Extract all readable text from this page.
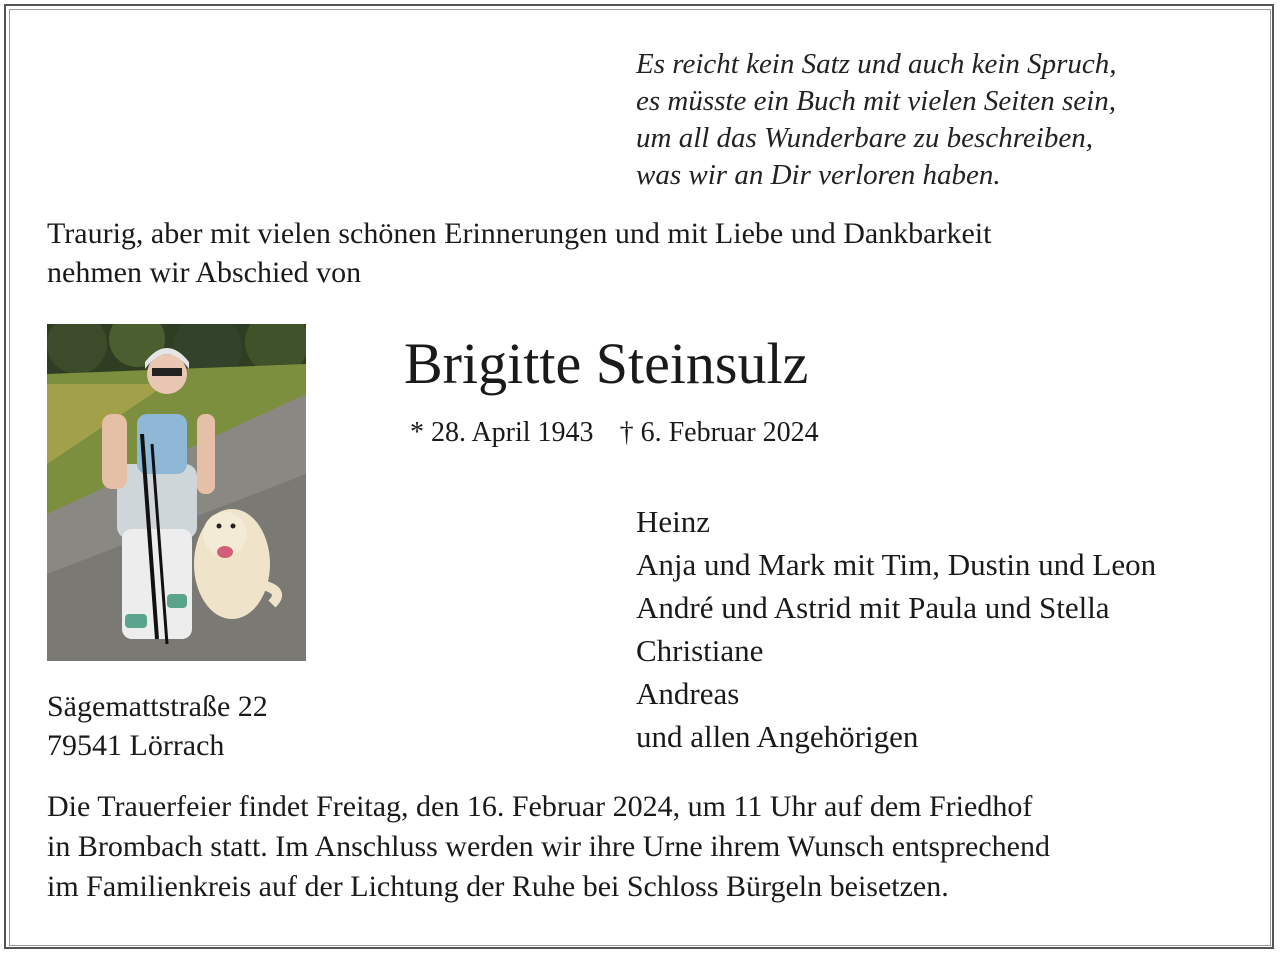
Es reicht kein Satz und auch kein Spruch,
es müsste ein Buch mit vielen Seiten sein,
um all das Wunderbare zu beschreiben,
was wir an Dir verloren haben.
Traurig, aber mit vielen schönen Erinnerungen und mit Liebe und Dankbarkeit
nehmen wir Abschied von
Brigitte Steinsulz
* 28. April 1943 † 6. Februar 2024
Heinz
Anja und Mark mit Tim, Dustin und Leon
André und Astrid mit Paula und Stella
Christiane
Andreas
und allen Angehörigen
Sägemattstraße 22
79541 Lörrach
Die Trauerfeier findet Freitag, den 16. Februar 2024, um 11 Uhr auf dem Friedhof
in Brombach statt. Im Anschluss werden wir ihre Urne ihrem Wunsch entsprechend
im Familienkreis auf der Lichtung der Ruhe bei Schloss Bürgeln beisetzen.
